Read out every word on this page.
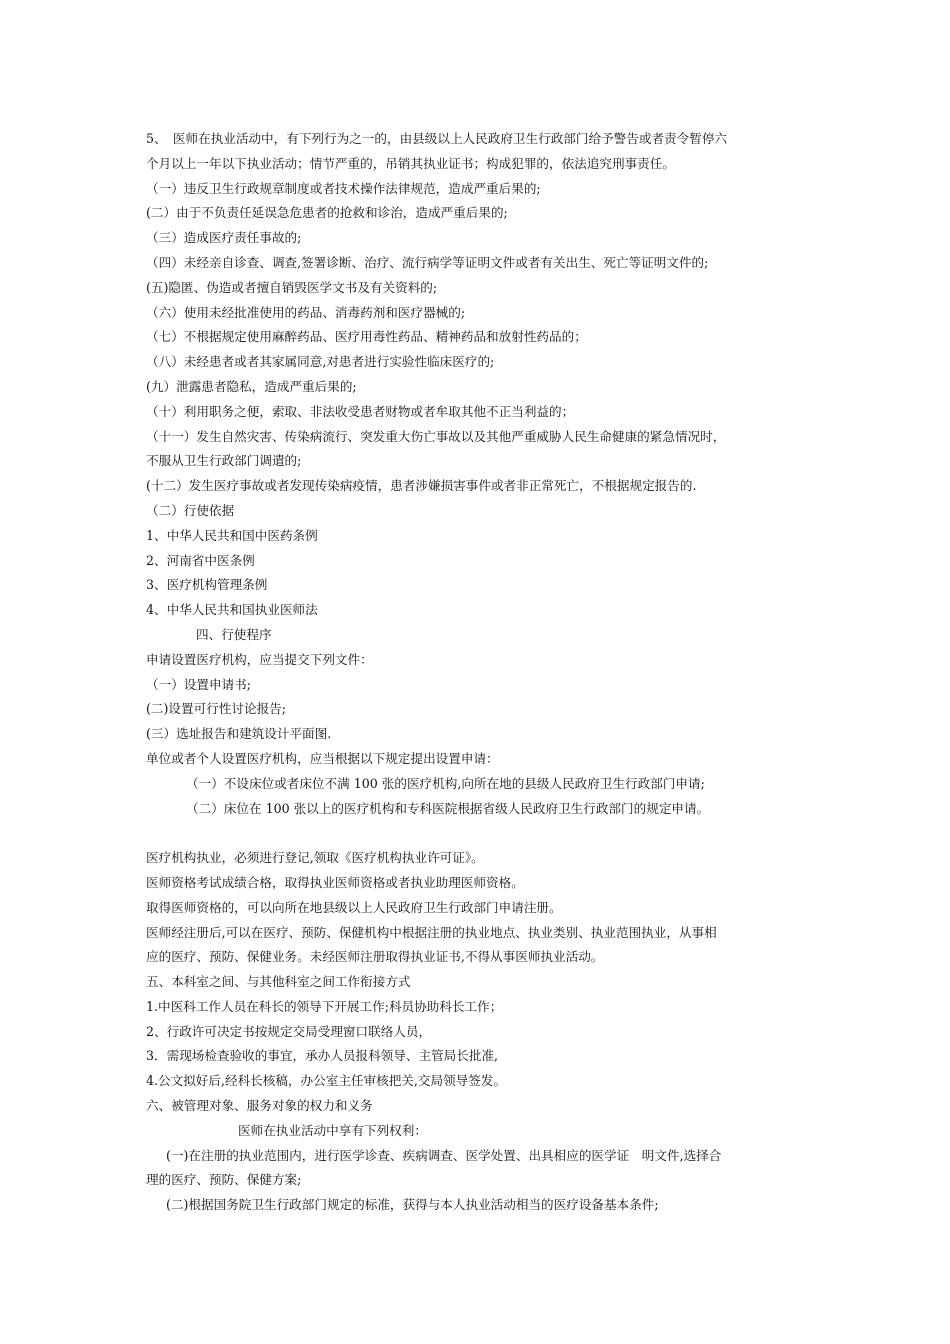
5、　医师在执业活动中，有下列行为之一的，由县级以上人民政府卫生行政部门给予警告或者责令暂停六
个月以上一年以下执业活动；情节严重的，吊销其执业证书；构成犯罪的，依法追究刑事责任。
（一）违反卫生行政规章制度或者技术操作法律规范，造成严重后果的;
(二）由于不负责任延误急危患者的抢救和诊治，造成严重后果的;
（三）造成医疗责任事故的;
（四）未经亲自诊查、调查,签署诊断、治疗、流行病学等证明文件或者有关出生、死亡等证明文件的;
(五)隐匿、伪造或者擅自销毁医学文书及有关资料的;
（六）使用未经批准使用的药品、消毒药剂和医疗器械的;
（七）不根据规定使用麻醉药品、医疗用毒性药品、精神药品和放射性药品的；
（八）未经患者或者其家属同意,对患者进行实验性临床医疗的;
(九）泄露患者隐私，造成严重后果的;
（十）利用职务之便，索取、非法收受患者财物或者牟取其他不正当利益的；
（十一）发生自然灾害、传染病流行、突发重大伤亡事故以及其他严重威胁人民生命健康的紧急情况时，
不服从卫生行政部门调遣的;
(十二）发生医疗事故或者发现传染病疫情，患者涉嫌损害事件或者非正常死亡，不根据规定报告的.
（二）行使依据
1、中华人民共和国中医药条例
2、河南省中医条例
3、医疗机构管理条例
4、中华人民共和国执业医师法
四、行使程序
申请设置医疗机构，应当提交下列文件：
（一）设置申请书;
(二)设置可行性讨论报告;
(三）选址报告和建筑设计平面图.
单位或者个人设置医疗机构，应当根据以下规定提出设置申请：
（一）不设床位或者床位不满 100 张的医疗机构,向所在地的县级人民政府卫生行政部门申请;
（二）床位在 100 张以上的医疗机构和专科医院根据省级人民政府卫生行政部门的规定申请。
医疗机构执业，必须进行登记,领取《医疗机构执业许可证》。
医师资格考试成绩合格，取得执业医师资格或者执业助理医师资格。
取得医师资格的，可以向所在地县级以上人民政府卫生行政部门申请注册。
医师经注册后,可以在医疗、预防、保健机构中根据注册的执业地点、执业类别、执业范围执业，从事相
应的医疗、预防、保健业务。未经医师注册取得执业证书,不得从事医师执业活动。
五、本科室之间、与其他科室之间工作衔接方式
1.中医科工作人员在科长的领导下开展工作;科员协助科长工作；
2、行政许可决定书按规定交局受理窗口联络人员，
3．需现场检查验收的事宜，承办人员报科领导、主管局长批准,
4.公文拟好后,经科长核稿，办公室主任审核把关,交局领导签发。
六、被管理对象、服务对象的权力和义务
医师在执业活动中享有下列权利：
(一)在注册的执业范围内，进行医学诊查、疾病调查、医学处置、出具相应的医学证　明文件,选择合
理的医疗、预防、保健方案;
(二)根据国务院卫生行政部门规定的标准，获得与本人执业活动相当的医疗设备基本条件;
